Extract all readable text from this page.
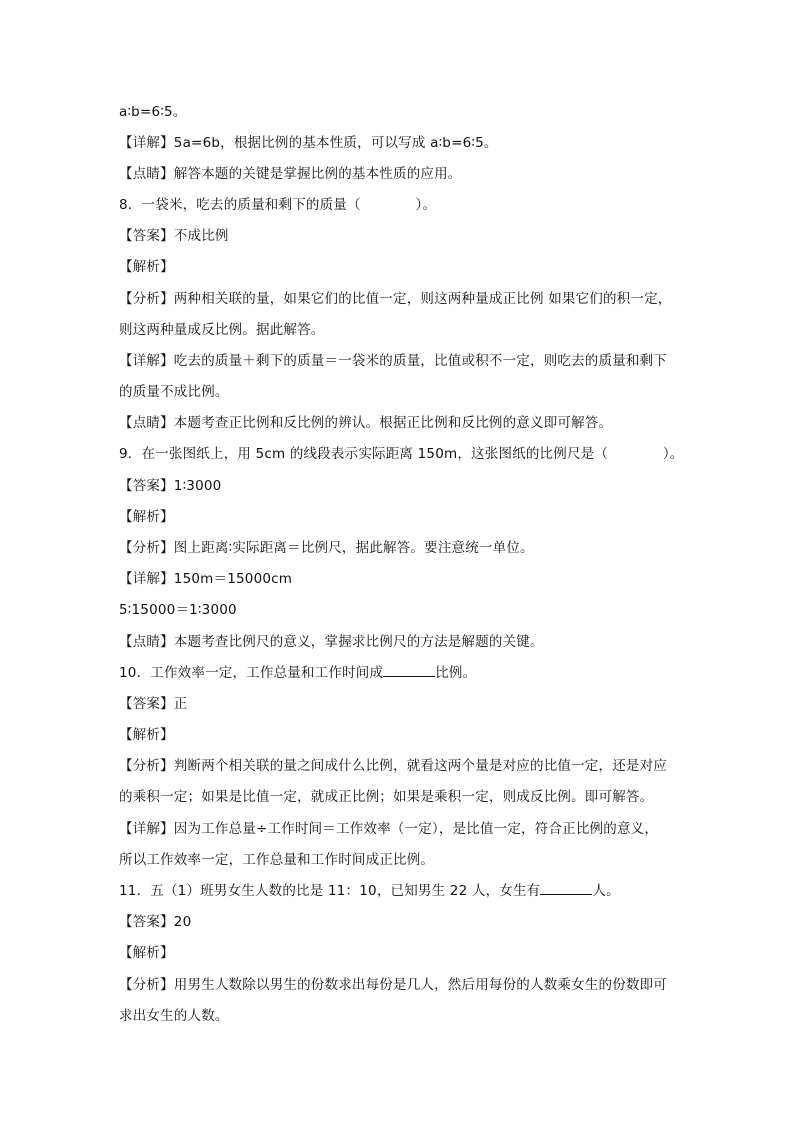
a∶b=6∶5。
【详解】5a=6b，根据比例的基本性质，可以写成 a∶b=6∶5。
【点睛】解答本题的关键是掌握比例的基本性质的应用。
8．一袋米，吃去的质量和剩下的质量（　　　　）。
【答案】不成比例
【解析】
【分析】两种相关联的量，如果它们的比值一定，则这两种量成正比例 如果它们的积一定，
则这两种量成反比例。据此解答。
【详解】吃去的质量＋剩下的质量＝一袋米的质量，比值或积不一定，则吃去的质量和剩下
的质量不成比例。
【点睛】本题考查正比例和反比例的辨认。根据正比例和反比例的意义即可解答。
9．在一张图纸上，用 5cm 的线段表示实际距离 150m，这张图纸的比例尺是（　　　　）。
【答案】1∶3000
【解析】
【分析】图上距离∶实际距离＝比例尺，据此解答。要注意统一单位。
【详解】150m＝15000cm
5∶15000＝1∶3000
【点睛】本题考查比例尺的意义，掌握求比例尺的方法是解题的关键。
10．工作效率一定，工作总量和工作时间成	比例。
【答案】正
【解析】
【分析】判断两个相关联的量之间成什么比例，就看这两个量是对应的比值一定，还是对应
的乘积一定；如果是比值一定，就成正比例；如果是乘积一定，则成反比例。即可解答。
【详解】因为工作总量÷工作时间＝工作效率（一定），是比值一定，符合正比例的意义，
所以工作效率一定，工作总量和工作时间成正比例。
11．五（1）班男女生人数的比是 11：10，已知男生 22 人，女生有	人。
【答案】20
【解析】
【分析】用男生人数除以男生的份数求出每份是几人，然后用每份的人数乘女生的份数即可
求出女生的人数。
